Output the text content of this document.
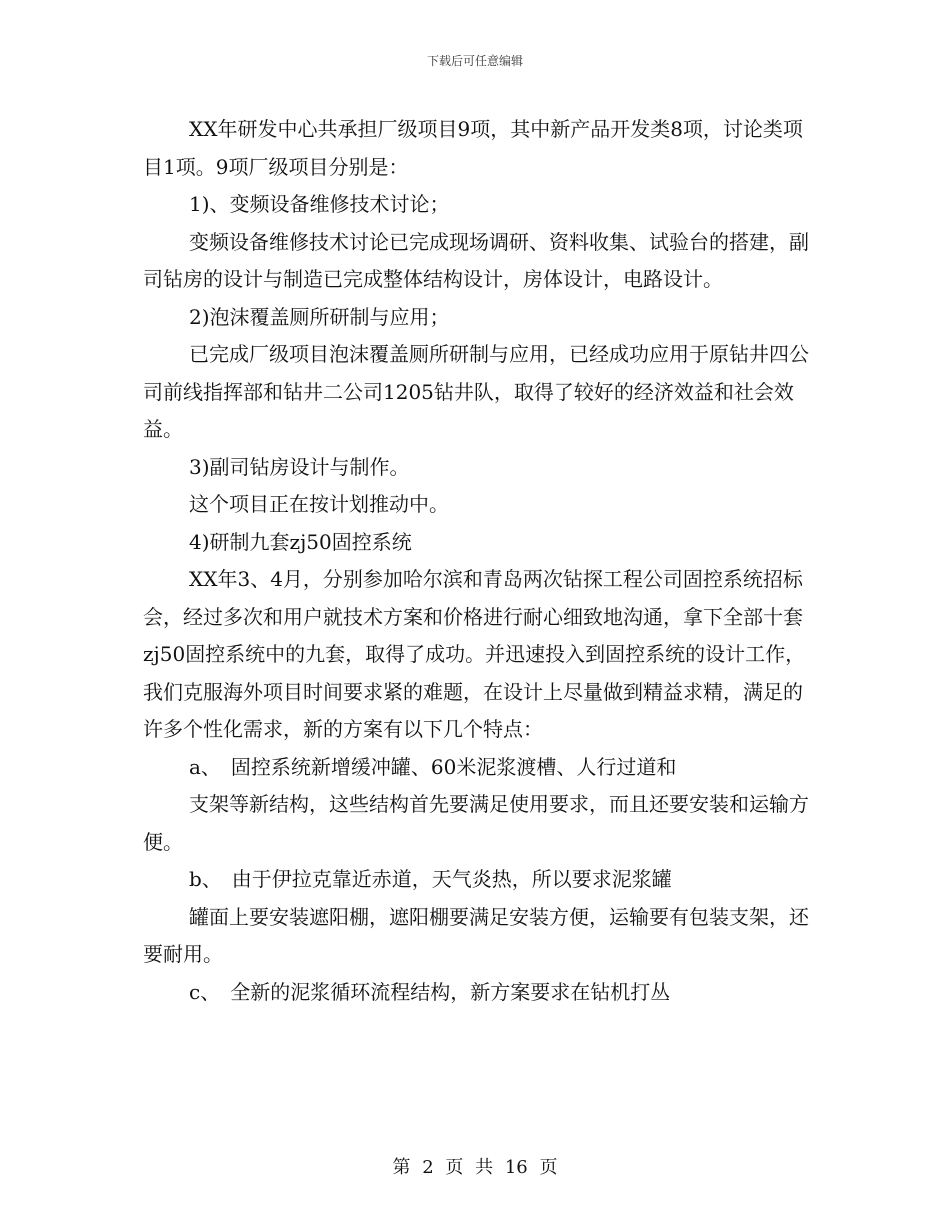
下载后可任意编辑

XX年研发中心共承担厂级项目9项，其中新产品开发类8项，讨论类项目1项。9项厂级项目分别是：

1)、变频设备维修技术讨论；

变频设备维修技术讨论已完成现场调研、资料收集、试验台的搭建，副司钻房的设计与制造已完成整体结构设计，房体设计，电路设计。

2)泡沫覆盖厕所研制与应用；

已完成厂级项目泡沫覆盖厕所研制与应用，已经成功应用于原钻井四公司前线指挥部和钻井二公司1205钻井队，取得了较好的经济效益和社会效益。

3)副司钻房设计与制作。

这个项目正在按计划推动中。

4)研制九套zj50固控系统

XX年3、4月，分别参加哈尔滨和青岛两次钻探工程公司固控系统招标会，经过多次和用户就技术方案和价格进行耐心细致地沟通，拿下全部十套zj50固控系统中的九套，取得了成功。并迅速投入到固控系统的设计工作，我们克服海外项目时间要求紧的难题，在设计上尽量做到精益求精，满足的许多个性化需求，新的方案有以下几个特点：

a、　固控系统新增缓冲罐、60米泥浆渡槽、人行过道和

支架等新结构，这些结构首先要满足使用要求，而且还要安装和运输方便。

b、　由于伊拉克靠近赤道，天气炎热，所以要求泥浆罐

罐面上要安装遮阳棚，遮阳棚要满足安装方便，运输要有包装支架，还要耐用。

c、　全新的泥浆循环流程结构，新方案要求在钻机打丛

第 2 页 共 16 页
